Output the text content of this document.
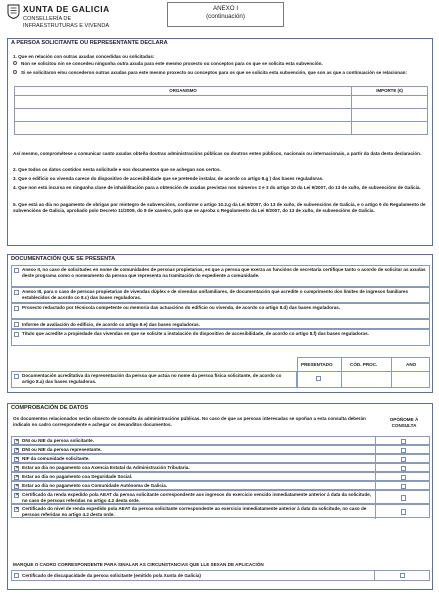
XUNTA DE GALICIA
CONSELLERÍA DE
INFRAESTRUTURAS E VIVENDA
ANEXO I
(continuación)
A PERSOA SOLICITANTE OU REPRESENTANTE DECLARA
1. Que en relación con outras axudas concedidas ou solicitadas:
Non se solicitou nin se concedeu ningunha outra axuda para este mesmo proxecto ou conceptos para os que se solicita esta subvención.
Si se solicitaron e/ou concederon outras axudas para este mesmo proxecto ou conceptos para os que se solicita esta subvención, que son as que a continuación se relacionan:
ORGANISMO	IMPORTE (€)

Así mesmo, comprométese a comunicar canto axudas obteña doutras administracións públicas ou doutros entes públicos, nacionais ou internacionais, a partir da data desta declaración.
2. Que todos os datos contidos nesta solicitude e nos documentos que se achegan son certos.
3. Que o edificio ou vivenda carece do dispositivo de accesibilidade que se pretende instalar, de acordo co artigo 8.g ) das bases reguladoras.
4. Que non está incursa en ningunha clase de inhabilitación para a obtención de axudas previstas nos números 2 e 3 do artigo 10 da Lei 9/2007, do 13 de xuño, de subvencións de Galicia.
5. Que está ao día no pagamento de obrigas por reintegro de subvencións, conforme o artigo 10.2.g da Lei 9/2007, do 13 de xuño, de subvencións de Galicia, e o artigo 9 do Regulamento de subvencións de Galicia, aprobado polo Decreto 11/2009, do 8 de xaneiro, polo que se aproba o Regulamento da Lei 9/2007, do 13 de xuño, de subvencións de Galicia.
DOCUMENTACIÓN QUE SE PRESENTA
Anexo II, no caso de solicitudes en nome de comunidades de persoas propietarias, en que a persoa que exerza as funcións de secretaría certifique tanto o acordo de solicitar as axudas deste programa como o nomeamento da persoa que representa na tramitación do expediente a comunidade.
Anexo III, para o caso de persoas propietarias de vivendas dúplex e de vivendas unifamiliares, de documentación que acredite o cumprimento dos límites de ingresos familiares establecidos de acordo co 8.c) das bases reguladoras.
Proxecto redactado por técnico/a competente ou memoria das actuacións do edificio ou vivenda, de acordo co artigo 8.d) das bases reguladoras.
Informe de avaliación do edificio, de acordo co artigo 8.e) das bases reguladoras.
Título que acredite a propiedade das vivendas en que se solicite a instalación do dispositivo de accesibilidade, de acordo co artigo 8.f) das bases reguladoras.
PRESENTADO	CÓD. PROC.	ANO
Documentación acreditativa da representación da persoa que actúa no nome da persoa física solicitante, de acordo co artigo 8.a) das bases reguladoras.
COMPROBACIÓN DE DATOS
Os documentos relacionados serán obxecto de consulta ás administracións públicas. No caso de que as persoas interesadas se opoñan a esta consulta deberán indicalo no cadro correspondente e achegar os devanditos documentos.
OPÓÑOME Á CONSULTA
✕ DNI ou NIE da persoa solicitante.
✕ DNI ou NIE da persoa representante.
✕ NIF da comunidade solicitante.
✕ Estar ao día no pagamento coa Axencia Estatal da Administración Tributaria.
✕ Estar ao día no pagamento coa Seguridade Social.
✕ Estar ao día no pagamento coa Comunidade Autónoma de Galicia.
✕ Certificado da renda expedido pola AEAT da persoa solicitante correspondente aos ingresos do exercicio vencido inmediatamente anterior á data da solicitude, no caso de persoas referidas no artigo 4.2 desta orde.
✕ Certificado do nivel de renda expedido pola AEAT da persoa solicitante correspondente ao exercicio inmediatamente anterior á data da solicitude, no caso de persoas referidas no artigo 4.2 desta orde.
MARQUE O CADRO CORRESPONDENTE PARA SINALAR AS CIRCUNSTANCIAS QUE LLE SEXAN DE APLICACIÓN
Certificado de discapacidade da persoa solicitante (emitido pola Xunta de Galicia)
